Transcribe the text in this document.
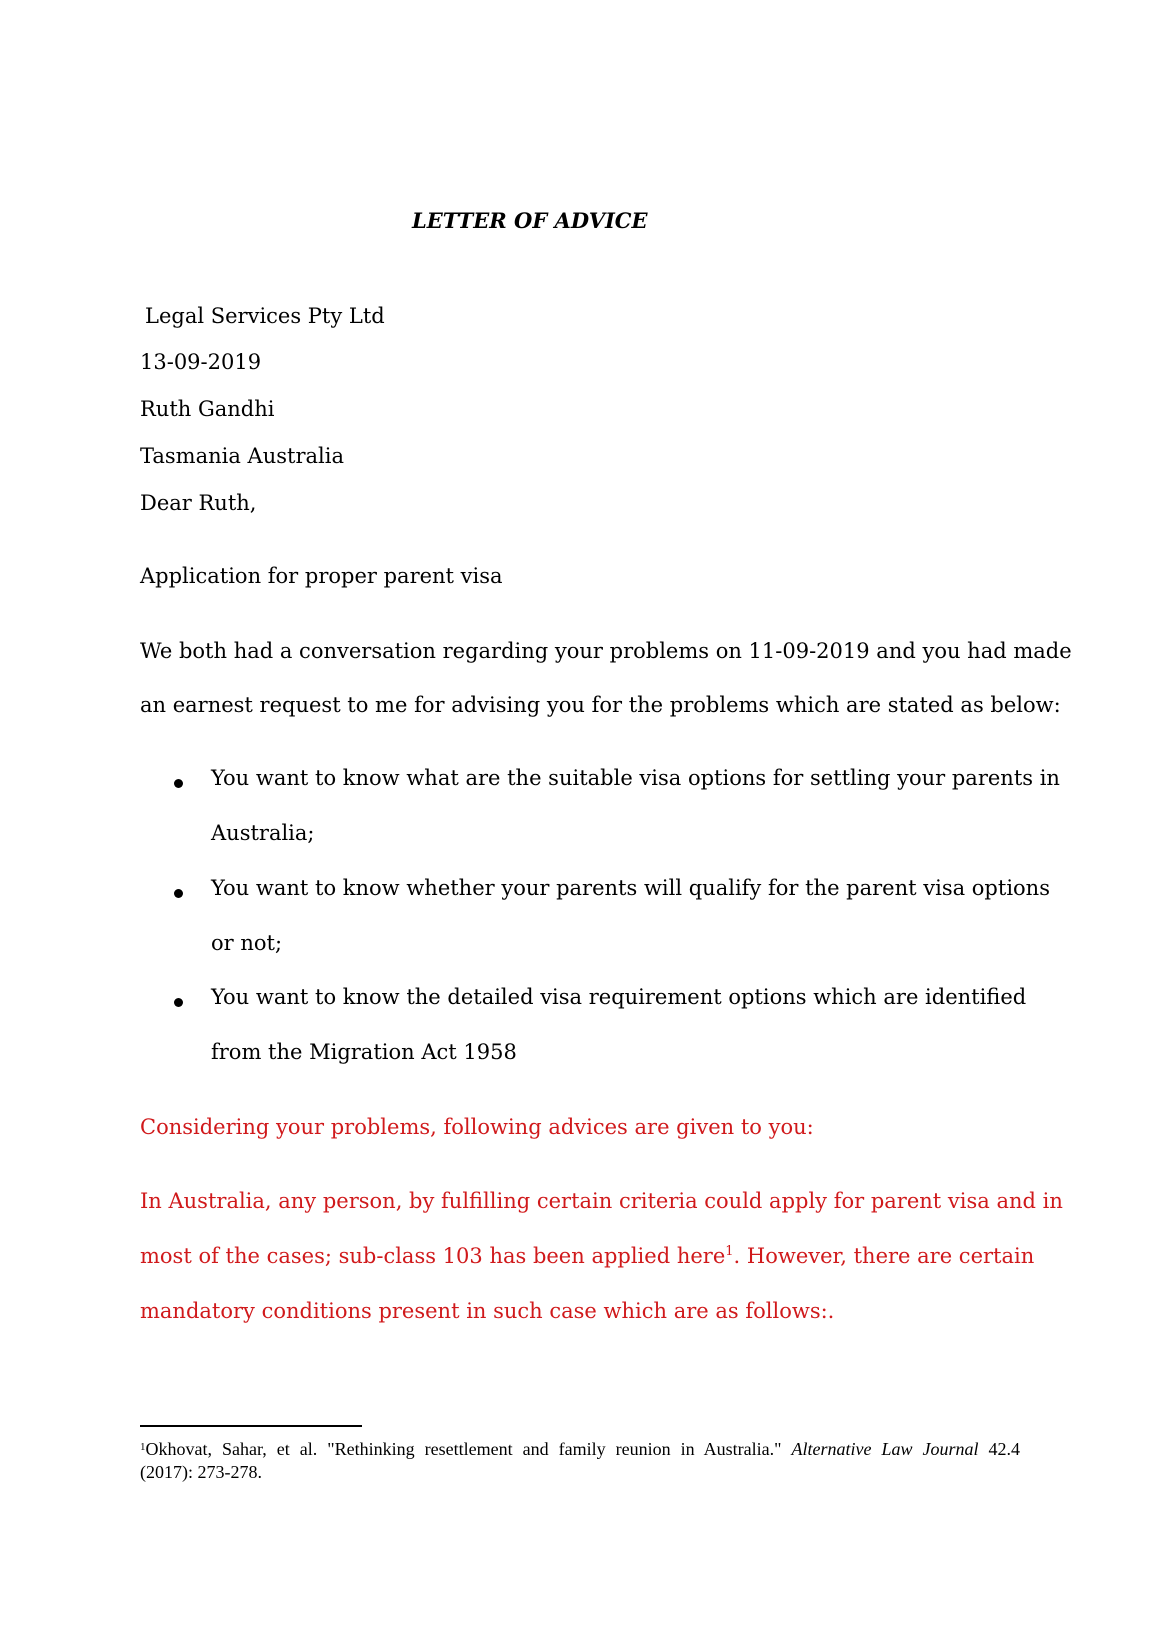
LETTER OF ADVICE
Legal Services Pty Ltd
13-09-2019
Ruth Gandhi
Tasmania Australia
Dear Ruth,
Application for proper parent visa
We both had a conversation regarding your problems on 11-09-2019 and you had made
an earnest request to me for advising you for the problems which are stated as below:
You want to know what are the suitable visa options for settling your parents in
Australia;
You want to know whether your parents will qualify for the parent visa options
or not;
You want to know the detailed visa requirement options which are identified
from the Migration Act 1958
Considering your problems, following advices are given to you:
In Australia, any person, by fulfilling certain criteria could apply for parent visa and in
most of the cases; sub-class 103 has been applied here$^1$. However, there are certain
mandatory conditions present in such case which are as follows:.
$^1$Okhovat, Sahar, et al. "Rethinking resettlement and family reunion in Australia." Alternative Law Journal 42.4
(2017): 273-278.
